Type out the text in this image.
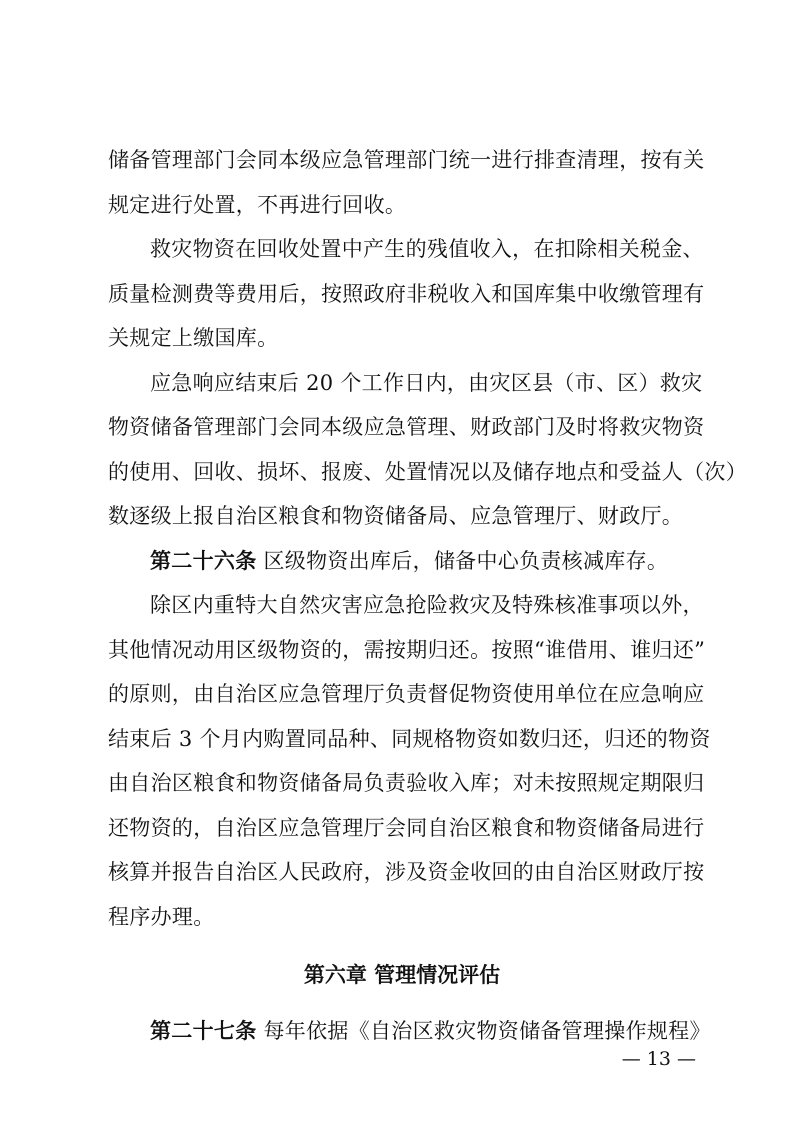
储备管理部门会同本级应急管理部门统一进行排查清理，按有关
规定进行处置，不再进行回收。
救灾物资在回收处置中产生的残值收入，在扣除相关税金、
质量检测费等费用后，按照政府非税收入和国库集中收缴管理有
关规定上缴国库。
应急响应结束后 20 个工作日内，由灾区县（市、区）救灾
物资储备管理部门会同本级应急管理、财政部门及时将救灾物资
的使用、回收、损坏、报废、处置情况以及储存地点和受益人（次）
数逐级上报自治区粮食和物资储备局、应急管理厅、财政厅。
第二十六条 区级物资出库后，储备中心负责核减库存。
除区内重特大自然灾害应急抢险救灾及特殊核准事项以外，
其他情况动用区级物资的，需按期归还。按照“谁借用、谁归还”
的原则，由自治区应急管理厅负责督促物资使用单位在应急响应
结束后 3 个月内购置同品种、同规格物资如数归还，归还的物资
由自治区粮食和物资储备局负责验收入库；对未按照规定期限归
还物资的，自治区应急管理厅会同自治区粮食和物资储备局进行
核算并报告自治区人民政府，涉及资金收回的由自治区财政厅按
程序办理。
第六章 管理情况评估
第二十七条 每年依据《自治区救灾物资储备管理操作规程》
— 13 —
